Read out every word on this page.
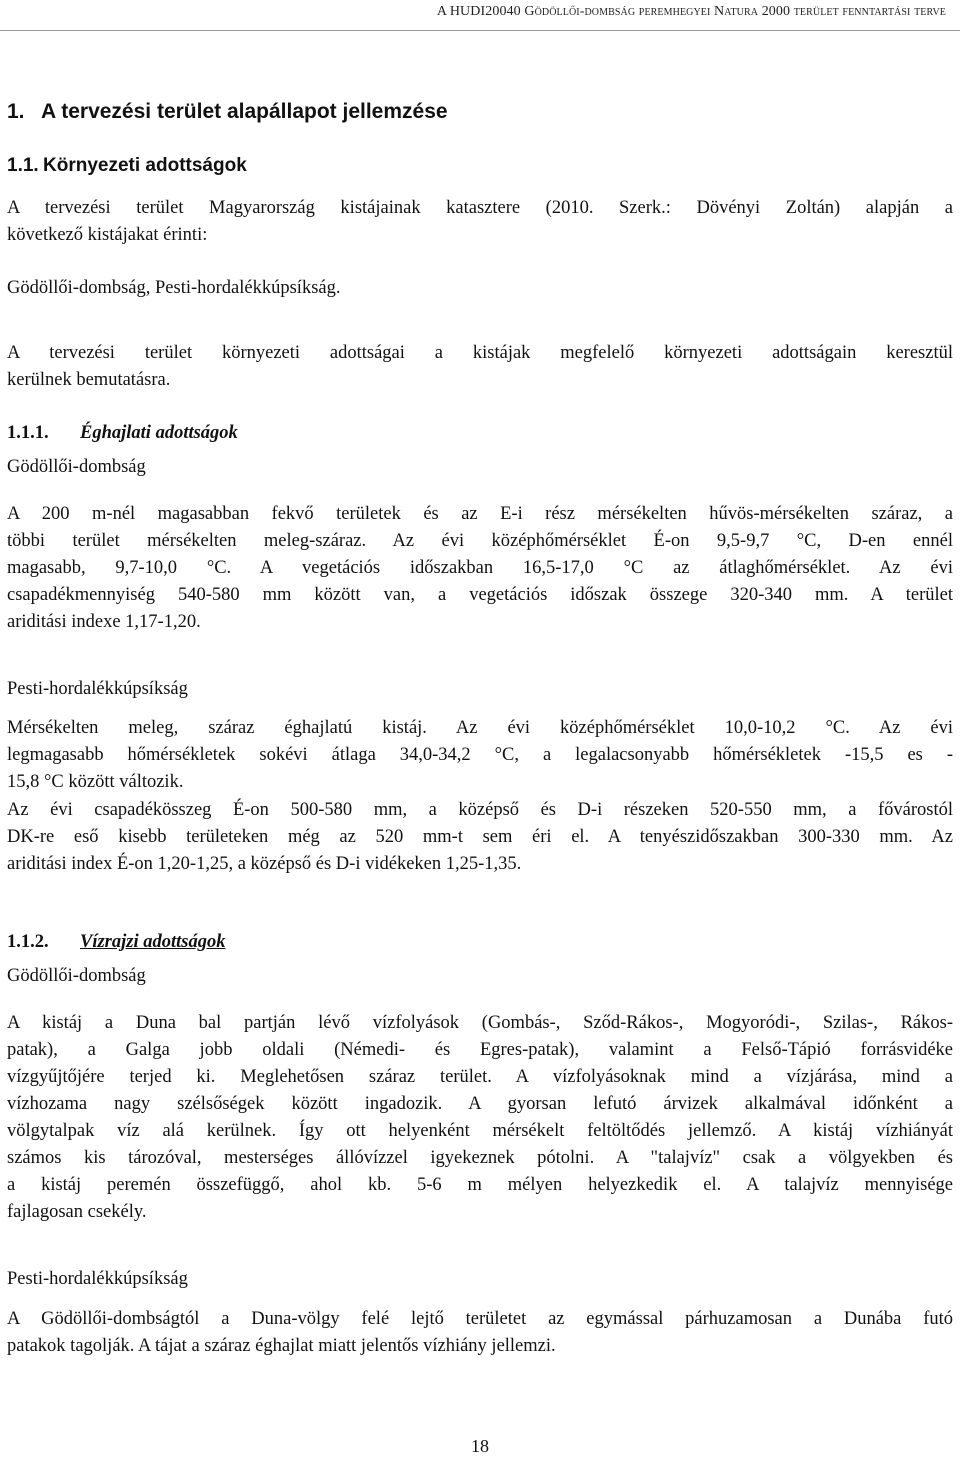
A HUDI20040 Gödöllői-dombság peremhegyei Natura 2000 terület fenntartási terve
1. A tervezési terület alapállapot jellemzése
1.1. Környezeti adottságok
A tervezési terület Magyarország kistájainak katasztere (2010. Szerk.: Dövényi Zoltán) alapján a
következő kistájakat érinti:
Gödöllői-dombság, Pesti-hordalékkúpsíkság.
A tervezési terület környezeti adottságai a kistájak megfelelő környezeti adottságain keresztül
kerülnek bemutatásra.
1.1.1. Éghajlati adottságok
Gödöllői-dombság
A 200 m-nél magasabban fekvő területek és az E-i rész mérsékelten hűvös-mérsékelten száraz, a
többi terület mérsékelten meleg-száraz. Az évi középhőmérséklet É-on 9,5-9,7 °C, D-en ennél
magasabb, 9,7-10,0 °C. A vegetációs időszakban 16,5-17,0 °C az átlaghőmérséklet. Az évi
csapadékmennyiség 540-580 mm között van, a vegetációs időszak összege 320-340 mm. A terület
ariditási indexe 1,17-1,20.
Pesti-hordalékkúpsíkság
Mérsékelten meleg, száraz éghajlatú kistáj. Az évi középhőmérséklet 10,0-10,2 °C. Az évi
legmagasabb hőmérsékletek sokévi átlaga 34,0-34,2 °C, a legalacsonyabb hőmérsékletek -15,5 es -
15,8 °C között változik.
Az évi csapadékösszeg É-on 500-580 mm, a középső és D-i részeken 520-550 mm, a fővárostól
DK-re eső kisebb területeken még az 520 mm-t sem éri el. A tenyészidőszakban 300-330 mm. Az
ariditási index É-on 1,20-1,25, a középső és D-i vidékeken 1,25-1,35.
1.1.2. Vízrajzi adottságok
Gödöllői-dombság
A kistáj a Duna bal partján lévő vízfolyások (Gombás-, Sződ-Rákos-, Mogyoródi-, Szilas-, Rákos-
patak), a Galga jobb oldali (Némedi- és Egres-patak), valamint a Felső-Tápió forrásvidéke
vízgyűjtőjére terjed ki. Meglehetősen száraz terület. A vízfolyásoknak mind a vízjárása, mind a
vízhozama nagy szélsőségek között ingadozik. A gyorsan lefutó árvizek alkalmával időnként a
völgytalpak víz alá kerülnek. Így ott helyenként mérsékelt feltöltődés jellemző. A kistáj vízhiányát
számos kis tározóval, mesterséges állóvízzel igyekeznek pótolni. A "talajvíz" csak a völgyekben és
a kistáj peremén összefüggő, ahol kb. 5-6 m mélyen helyezkedik el. A talajvíz mennyisége
fajlagosan csekély.
Pesti-hordalékkúpsíkság
A Gödöllői-dombságtól a Duna-völgy felé lejtő területet az egymással párhuzamosan a Dunába futó
patakok tagolják. A tájat a száraz éghajlat miatt jelentős vízhiány jellemzi.
18
